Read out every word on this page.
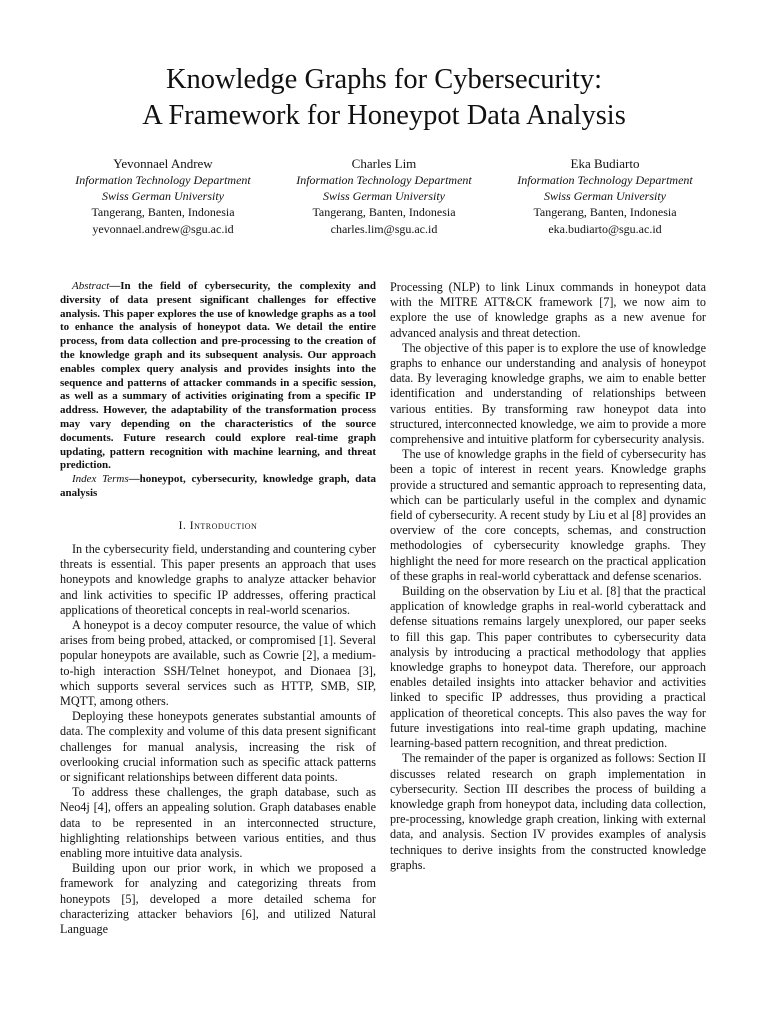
Knowledge Graphs for Cybersecurity:
A Framework for Honeypot Data Analysis
Yevonnael Andrew
Information Technology Department
Swiss German University
Tangerang, Banten, Indonesia
yevonnael.andrew@sgu.ac.id
Charles Lim
Information Technology Department
Swiss German University
Tangerang, Banten, Indonesia
charles.lim@sgu.ac.id
Eka Budiarto
Information Technology Department
Swiss German University
Tangerang, Banten, Indonesia
eka.budiarto@sgu.ac.id

Abstract—In the field of cybersecurity, the complexity and diversity of data present significant challenges for effective analysis. This paper explores the use of knowledge graphs as a tool to enhance the analysis of honeypot data. We detail the entire process, from data collection and pre-processing to the creation of the knowledge graph and its subsequent analysis. Our approach enables complex query analysis and provides insights into the sequence and patterns of attacker commands in a specific session, as well as a summary of activities originating from a specific IP address. However, the adaptability of the transformation process may vary depending on the characteristics of the source documents. Future research could explore real-time graph updating, pattern recognition with machine learning, and threat prediction.

Index Terms—honeypot, cybersecurity, knowledge graph, data analysis

I. Introduction

In the cybersecurity field, understanding and countering cyber threats is essential. This paper presents an approach that uses honeypots and knowledge graphs to analyze attacker behavior and link activities to specific IP addresses, offering practical applications of theoretical concepts in real-world scenarios.

A honeypot is a decoy computer resource, the value of which arises from being probed, attacked, or compromised [1]. Several popular honeypots are available, such as Cowrie [2], a medium-to-high interaction SSH/Telnet honeypot, and Dionaea [3], which supports several services such as HTTP, SMB, SIP, MQTT, among others.

Deploying these honeypots generates substantial amounts of data. The complexity and volume of this data present significant challenges for manual analysis, increasing the risk of overlooking crucial information such as specific attack patterns or significant relationships between different data points.

To address these challenges, the graph database, such as Neo4j [4], offers an appealing solution. Graph databases enable data to be represented in an interconnected structure, highlighting relationships between various entities, and thus enabling more intuitive data analysis.

Building upon our prior work, in which we proposed a framework for analyzing and categorizing threats from honeypots [5], developed a more detailed schema for characterizing attacker behaviors [6], and utilized Natural Language

Processing (NLP) to link Linux commands in honeypot data with the MITRE ATT&CK framework [7], we now aim to explore the use of knowledge graphs as a new avenue for advanced analysis and threat detection.

The objective of this paper is to explore the use of knowledge graphs to enhance our understanding and analysis of honeypot data. By leveraging knowledge graphs, we aim to enable better identification and understanding of relationships between various entities. By transforming raw honeypot data into structured, interconnected knowledge, we aim to provide a more comprehensive and intuitive platform for cybersecurity analysis.

The use of knowledge graphs in the field of cybersecurity has been a topic of interest in recent years. Knowledge graphs provide a structured and semantic approach to representing data, which can be particularly useful in the complex and dynamic field of cybersecurity. A recent study by Liu et al [8] provides an overview of the core concepts, schemas, and construction methodologies of cybersecurity knowledge graphs. They highlight the need for more research on the practical application of these graphs in real-world cyberattack and defense scenarios.

Building on the observation by Liu et al. [8] that the practical application of knowledge graphs in real-world cyberattack and defense situations remains largely unexplored, our paper seeks to fill this gap. This paper contributes to cybersecurity data analysis by introducing a practical methodology that applies knowledge graphs to honeypot data. Therefore, our approach enables detailed insights into attacker behavior and activities linked to specific IP addresses, thus providing a practical application of theoretical concepts. This also paves the way for future investigations into real-time graph updating, machine learning-based pattern recognition, and threat prediction.

The remainder of the paper is organized as follows: Section II discusses related research on graph implementation in cybersecurity. Section III describes the process of building a knowledge graph from honeypot data, including data collection, pre-processing, knowledge graph creation, linking with external data, and analysis. Section IV provides examples of analysis techniques to derive insights from the constructed knowledge graphs.
